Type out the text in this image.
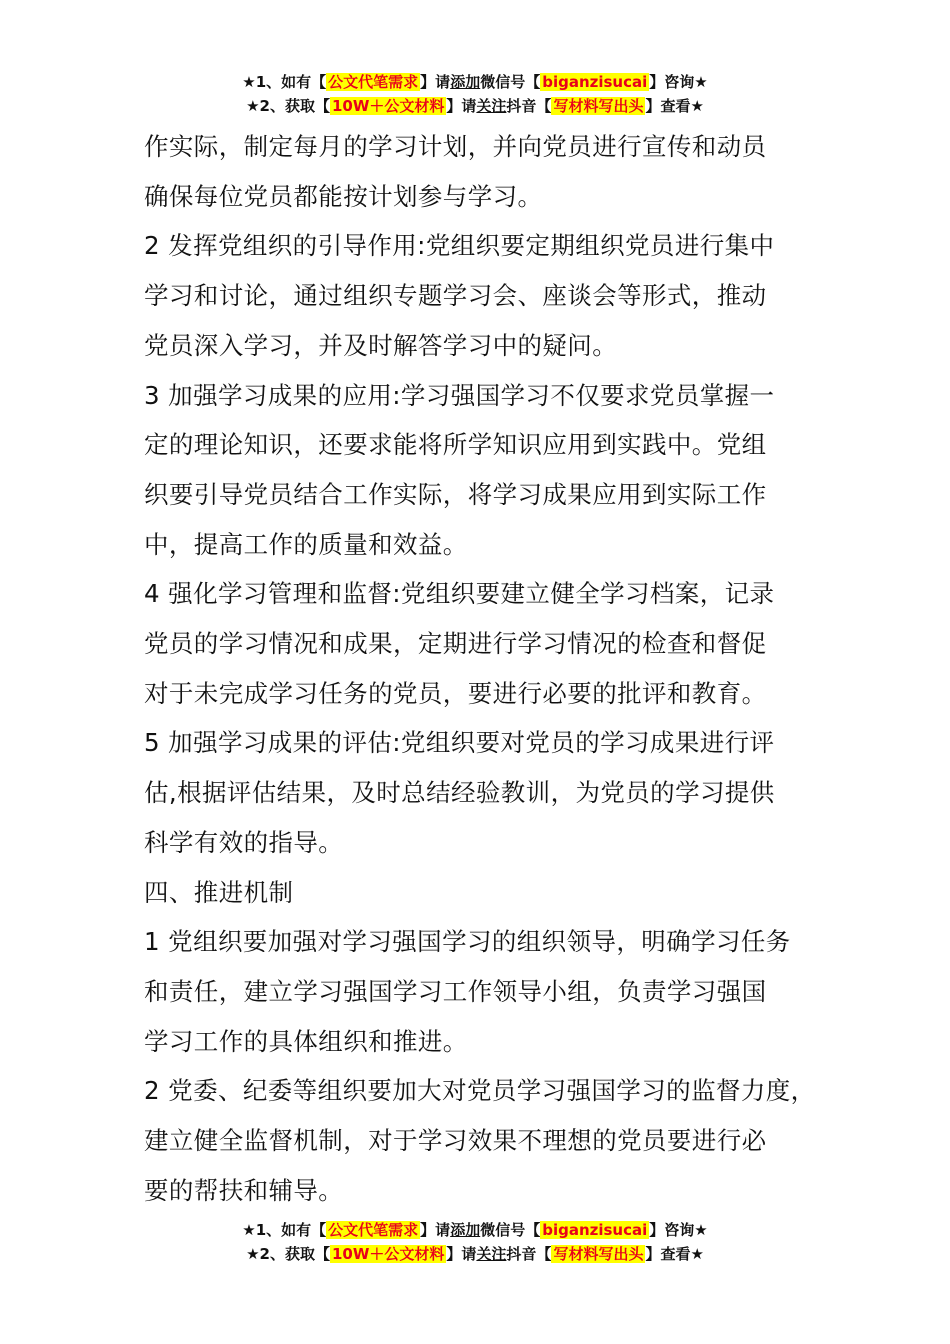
★1、如有【 公文代笔需求 】请添加微信号【 biganzisucai 】咨询★
★2、获取【 10W＋公文材料 】请关注抖音【 写材料写出头 】查看★

作实际，制定每月的学习计划，并向党员进行宣传和动员

确保每位党员都能按计划参与学习。

2 发挥党组织的引导作用:党组织要定期组织党员进行集中

学习和讨论，通过组织专题学习会、座谈会等形式，推动

党员深入学习，并及时解答学习中的疑问。

3 加强学习成果的应用:学习强国学习不仅要求党员掌握一

定的理论知识，还要求能将所学知识应用到实践中。党组

织要引导党员结合工作实际，将学习成果应用到实际工作

中，提高工作的质量和效益。

4 强化学习管理和监督:党组织要建立健全学习档案，记录

党员的学习情况和成果，定期进行学习情况的检查和督促

对于未完成学习任务的党员，要进行必要的批评和教育。

5 加强学习成果的评估:党组织要对党员的学习成果进行评

估,根据评估结果，及时总结经验教训，为党员的学习提供

科学有效的指导。

四、推进机制

1 党组织要加强对学习强国学习的组织领导，明确学习任务

和责任，建立学习强国学习工作领导小组，负责学习强国

学习工作的具体组织和推进。

2 党委、纪委等组织要加大对党员学习强国学习的监督力度，

建立健全监督机制，对于学习效果不理想的党员要进行必

要的帮扶和辅导。

★1、如有【 公文代笔需求 】请添加微信号【 biganzisucai 】咨询★
★2、获取【 10W＋公文材料 】请关注抖音【 写材料写出头 】查看★
